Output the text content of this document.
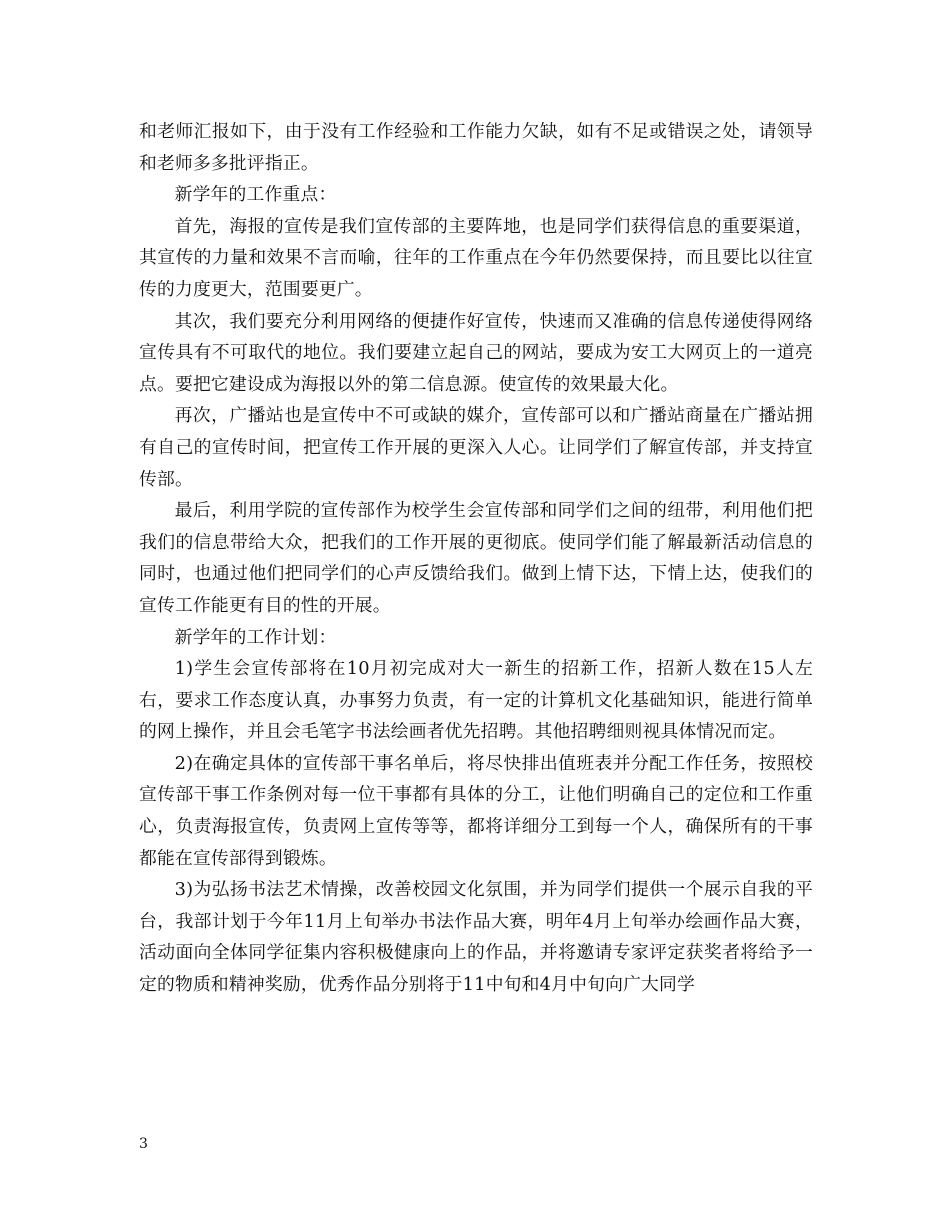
和老师汇报如下，由于没有工作经验和工作能力欠缺，如有不足或错误之处，请领导和老师多多批评指正。

新学年的工作重点：

首先，海报的宣传是我们宣传部的主要阵地，也是同学们获得信息的重要渠道，其宣传的力量和效果不言而喻，往年的工作重点在今年仍然要保持，而且要比以往宣传的力度更大，范围要更广。

其次，我们要充分利用网络的便捷作好宣传，快速而又准确的信息传递使得网络宣传具有不可取代的地位。我们要建立起自己的网站，要成为安工大网页上的一道亮点。要把它建设成为海报以外的第二信息源。使宣传的效果最大化。

再次，广播站也是宣传中不可或缺的媒介，宣传部可以和广播站商量在广播站拥有自己的宣传时间，把宣传工作开展的更深入人心。让同学们了解宣传部，并支持宣传部。

最后，利用学院的宣传部作为校学生会宣传部和同学们之间的纽带，利用他们把我们的信息带给大众，把我们的工作开展的更彻底。使同学们能了解最新活动信息的同时，也通过他们把同学们的心声反馈给我们。做到上情下达，下情上达，使我们的宣传工作能更有目的性的开展。

新学年的工作计划：

1)学生会宣传部将在10月初完成对大一新生的招新工作，招新人数在15人左右，要求工作态度认真，办事努力负责，有一定的计算机文化基础知识，能进行简单的网上操作，并且会毛笔字书法绘画者优先招聘。其他招聘细则视具体情况而定。

2)在确定具体的宣传部干事名单后，将尽快排出值班表并分配工作任务，按照校宣传部干事工作条例对每一位干事都有具体的分工，让他们明确自己的定位和工作重心，负责海报宣传，负责网上宣传等等，都将详细分工到每一个人，确保所有的干事都能在宣传部得到锻炼。

3)为弘扬书法艺术情操，改善校园文化氛围，并为同学们提供一个展示自我的平台，我部计划于今年11月上旬举办书法作品大赛，明年4月上旬举办绘画作品大赛，活动面向全体同学征集内容积极健康向上的作品，并将邀请专家评定获奖者将给予一定的物质和精神奖励，优秀作品分别将于11中旬和4月中旬向广大同学

3
